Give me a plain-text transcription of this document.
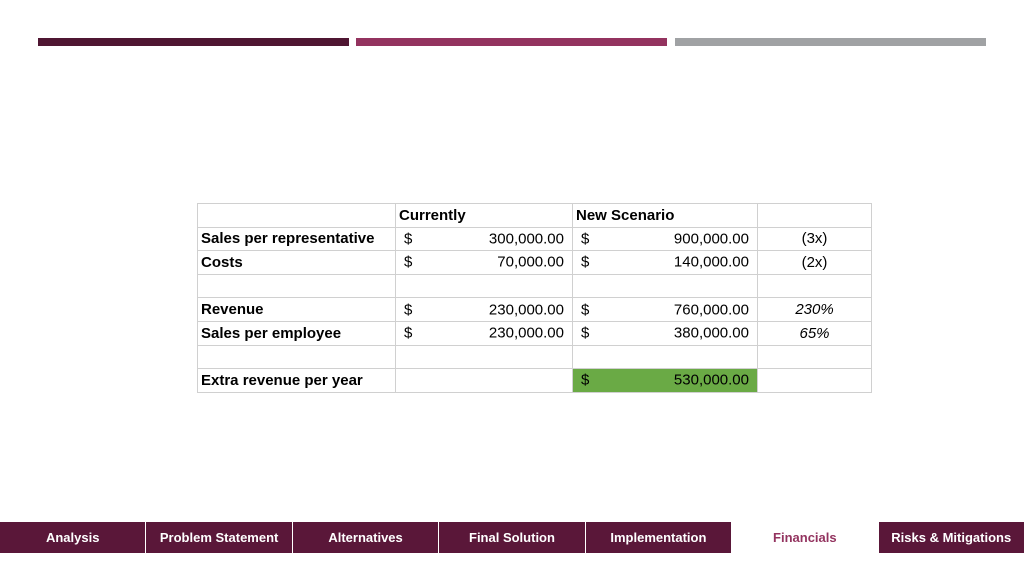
	Currently	New Scenario	
Sales per representative	$ 300,000.00	$ 900,000.00	(3x)
Costs	$ 70,000.00	$ 140,000.00	(2x)

Revenue	$ 230,000.00	$ 760,000.00	230%
Sales per employee	$ 230,000.00	$ 380,000.00	65%

Extra revenue per year		$ 530,000.00	

Analysis	Problem Statement	Alternatives	Final Solution	Implementation	Financials	Risks & Mitigations
